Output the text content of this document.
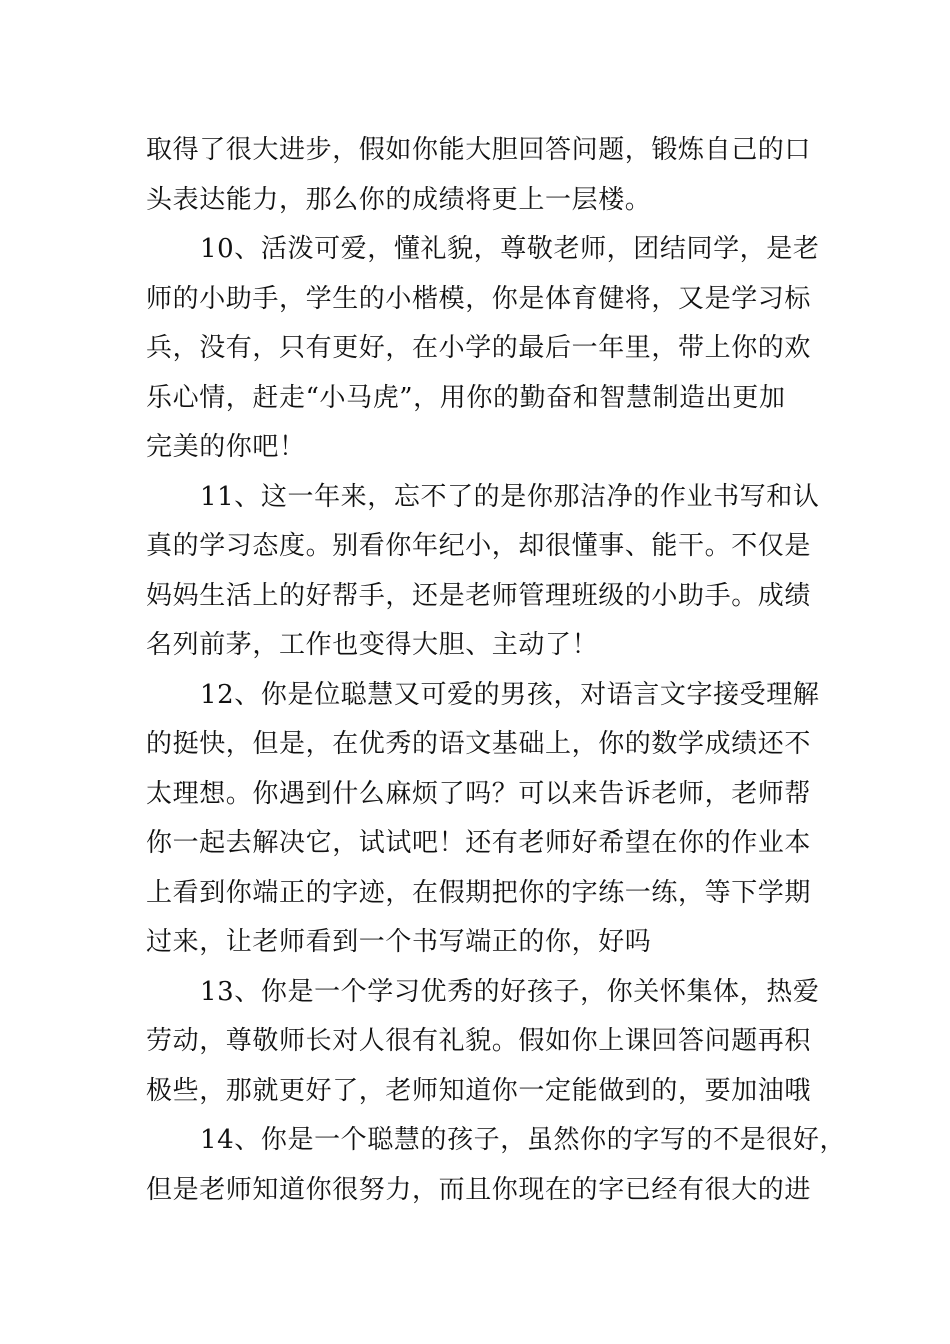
取得了很大进步，假如你能大胆回答问题，锻炼自己的口
头表达能力，那么你的成绩将更上一层楼。

10、活泼可爱，懂礼貌，尊敬老师，团结同学，是老
师的小助手，学生的小楷模，你是体育健将，又是学习标
兵，没有，只有更好，在小学的最后一年里，带上你的欢
乐心情，赶走“小马虎”，用你的勤奋和智慧制造出更加
完美的你吧！

11、这一年来，忘不了的是你那洁净的作业书写和认
真的学习态度。别看你年纪小，却很懂事、能干。不仅是
妈妈生活上的好帮手，还是老师管理班级的小助手。成绩
名列前茅，工作也变得大胆、主动了！

12、你是位聪慧又可爱的男孩，对语言文字接受理解
的挺快，但是，在优秀的语文基础上，你的数学成绩还不
太理想。你遇到什么麻烦了吗？可以来告诉老师，老师帮
你一起去解决它，试试吧！还有老师好希望在你的作业本
上看到你端正的字迹，在假期把你的字练一练，等下学期
过来，让老师看到一个书写端正的你，好吗

13、你是一个学习优秀的好孩子，你关怀集体，热爱
劳动，尊敬师长对人很有礼貌。假如你上课回答问题再积
极些，那就更好了，老师知道你一定能做到的，要加油哦

14、你是一个聪慧的孩子，虽然你的字写的不是很好，
但是老师知道你很努力，而且你现在的字已经有很大的进
